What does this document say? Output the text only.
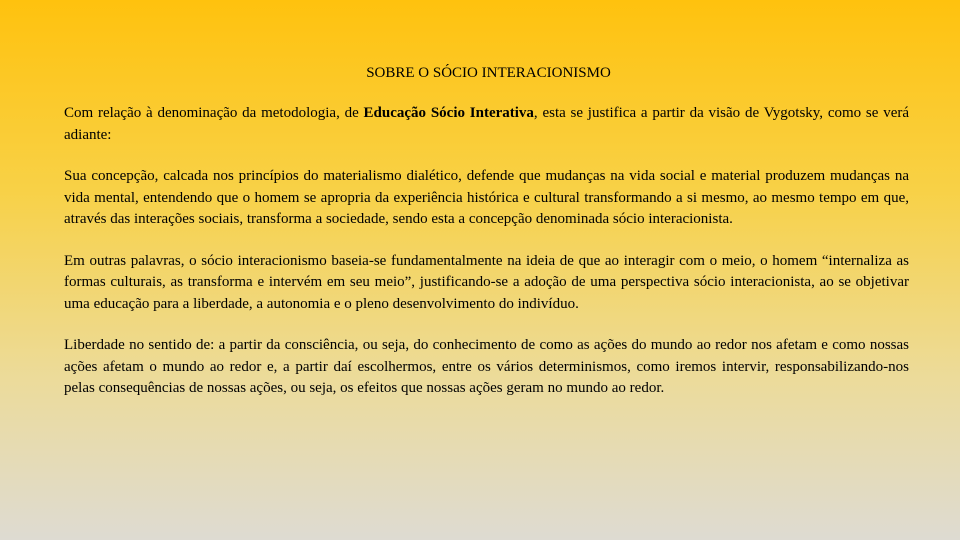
SOBRE O SÓCIO INTERACIONISMO

Com relação à denominação da metodologia, de Educação Sócio Interativa, esta se justifica a partir da visão de Vygotsky, como se verá adiante:

Sua concepção, calcada nos princípios do materialismo dialético, defende que mudanças na vida social e material produzem mudanças na vida mental, entendendo que o homem se apropria da experiência histórica e cultural transformando a si mesmo, ao mesmo tempo em que, através das interações sociais, transforma a sociedade, sendo esta a concepção denominada sócio interacionista.

Em outras palavras, o sócio interacionismo baseia-se fundamentalmente na ideia de que ao interagir com o meio, o homem “internaliza as formas culturais, as transforma e intervém em seu meio”, justificando-se a adoção de uma perspectiva sócio interacionista, ao se objetivar uma educação para a liberdade, a autonomia e o pleno desenvolvimento do indivíduo.

Liberdade no sentido de: a partir da consciência, ou seja, do conhecimento de como as ações do mundo ao redor nos afetam e como nossas ações afetam o mundo ao redor e, a partir daí escolhermos, entre os vários determinismos, como iremos intervir, responsabilizando-nos pelas consequências de nossas ações, ou seja, os efeitos que nossas ações geram no mundo ao redor.
